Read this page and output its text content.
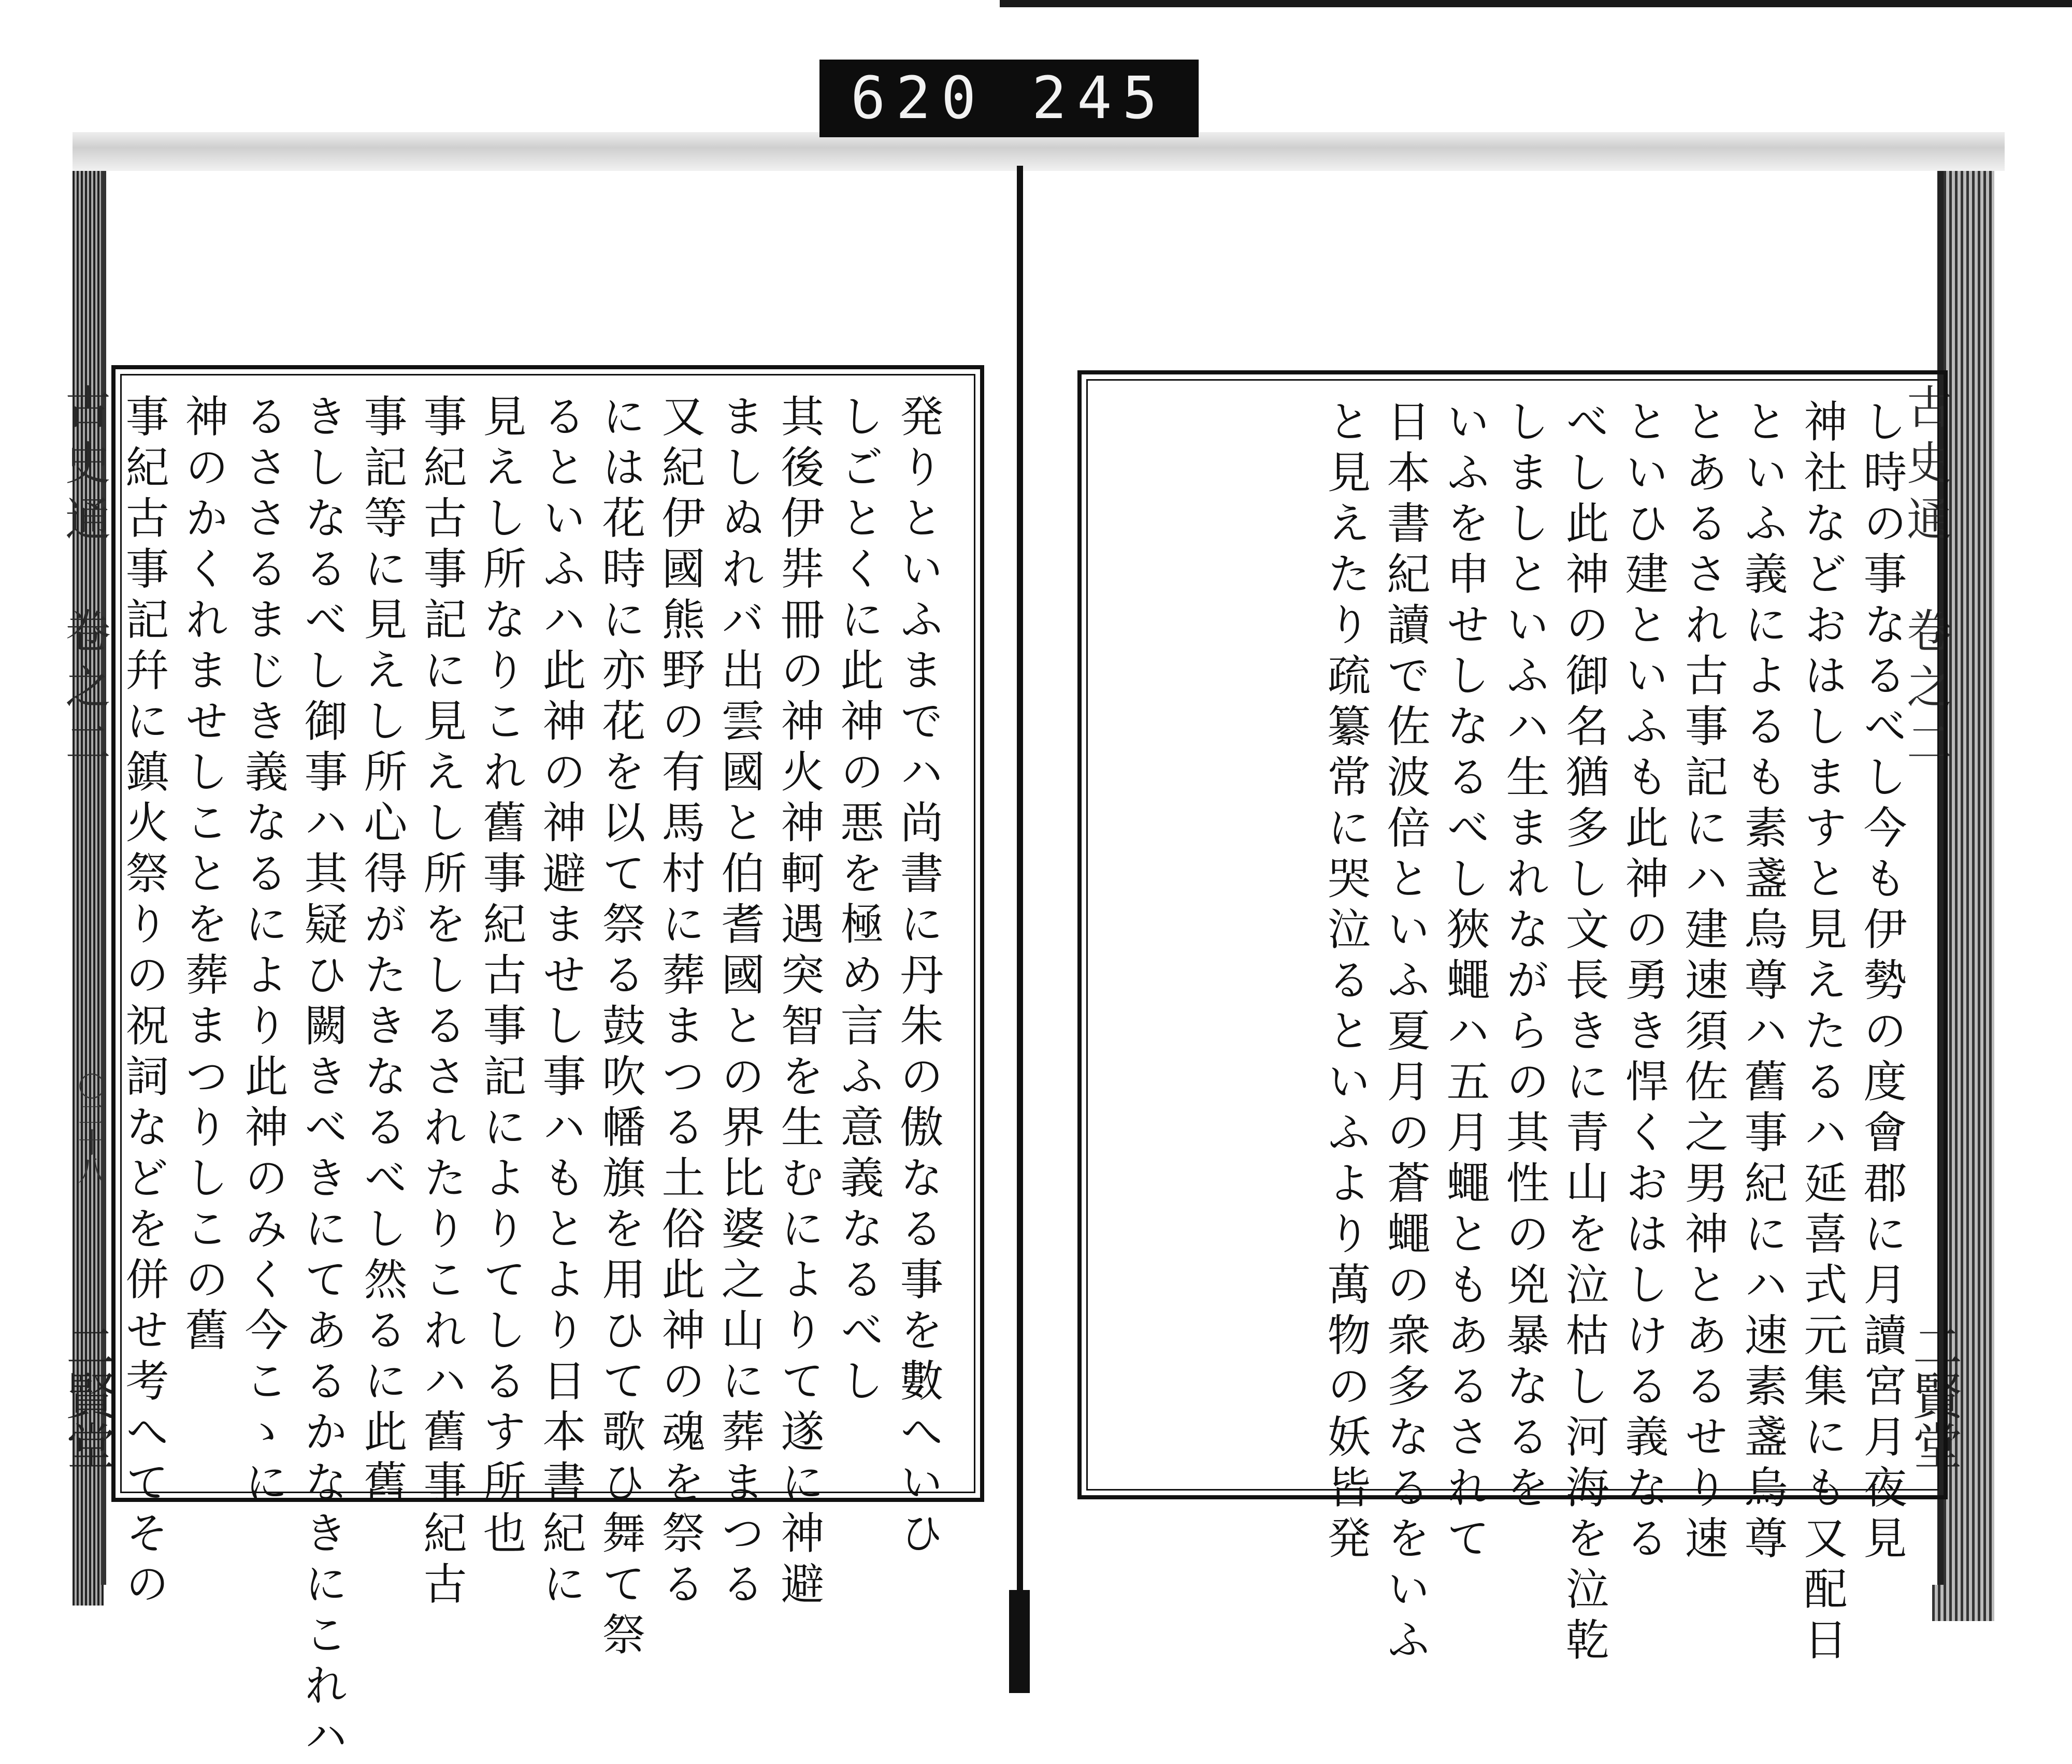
620 245
古史通　卷之二
〇二十八
二賢堂
古史通　卷之二
二賢堂
発りといふまでハ尚書に丹朱の傲なる事を數へいひ
しごとくに此神の悪を極め言ふ意義なるべし
其後伊弉冊の神火神軻遇突智を生むによりて遂に神避
ましぬれバ出雲國と伯耆國との界比婆之山に葬まつる
又紀伊國熊野の有馬村に葬まつる土俗此神の魂を祭る
には花時に亦花を以て祭る鼓吹幡旗を用ひて歌ひ舞て祭
るといふハ此神の神避ませし事ハもとより日本書紀に
見えし所なりこれ舊事紀古事記によりてしるす所也
事紀古事記に見えし所をしるされたりこれハ舊事紀古
事記等に見えし所心得がたきなるべし然るに此舊
きしなるべし御事ハ其疑ひ闕きべきにてあるかなきにこれハ
るささるまじき義なるにより此神のみく今こゝに
神のかくれませしことを葬まつりしこの舊
事紀古事記幷に鎮火祭りの祝詞などを併せ考へてその	し時の事なるべし今も伊勢の度會郡に月讀宮月夜見
神社などおはしますと見えたるハ延喜式元集にも又配日
といふ義によるも素盞烏尊ハ舊事紀にハ速素盞烏尊
とあるされ古事記にハ建速須佐之男神とあるせり速
といひ建といふも此神の勇き悍くおはしける義なる
べし此神の御名猶多し文長きに青山を泣枯し河海を泣乾
しましといふハ生まれながらの其性の兇暴なるを
いふを申せしなるべし狹蠅ハ五月蠅ともあるされて
日本書紀讀で佐波倍といふ夏月の蒼蠅の衆多なるをいふ
と見えたり疏纂常に哭泣るといふより萬物の妖皆発
